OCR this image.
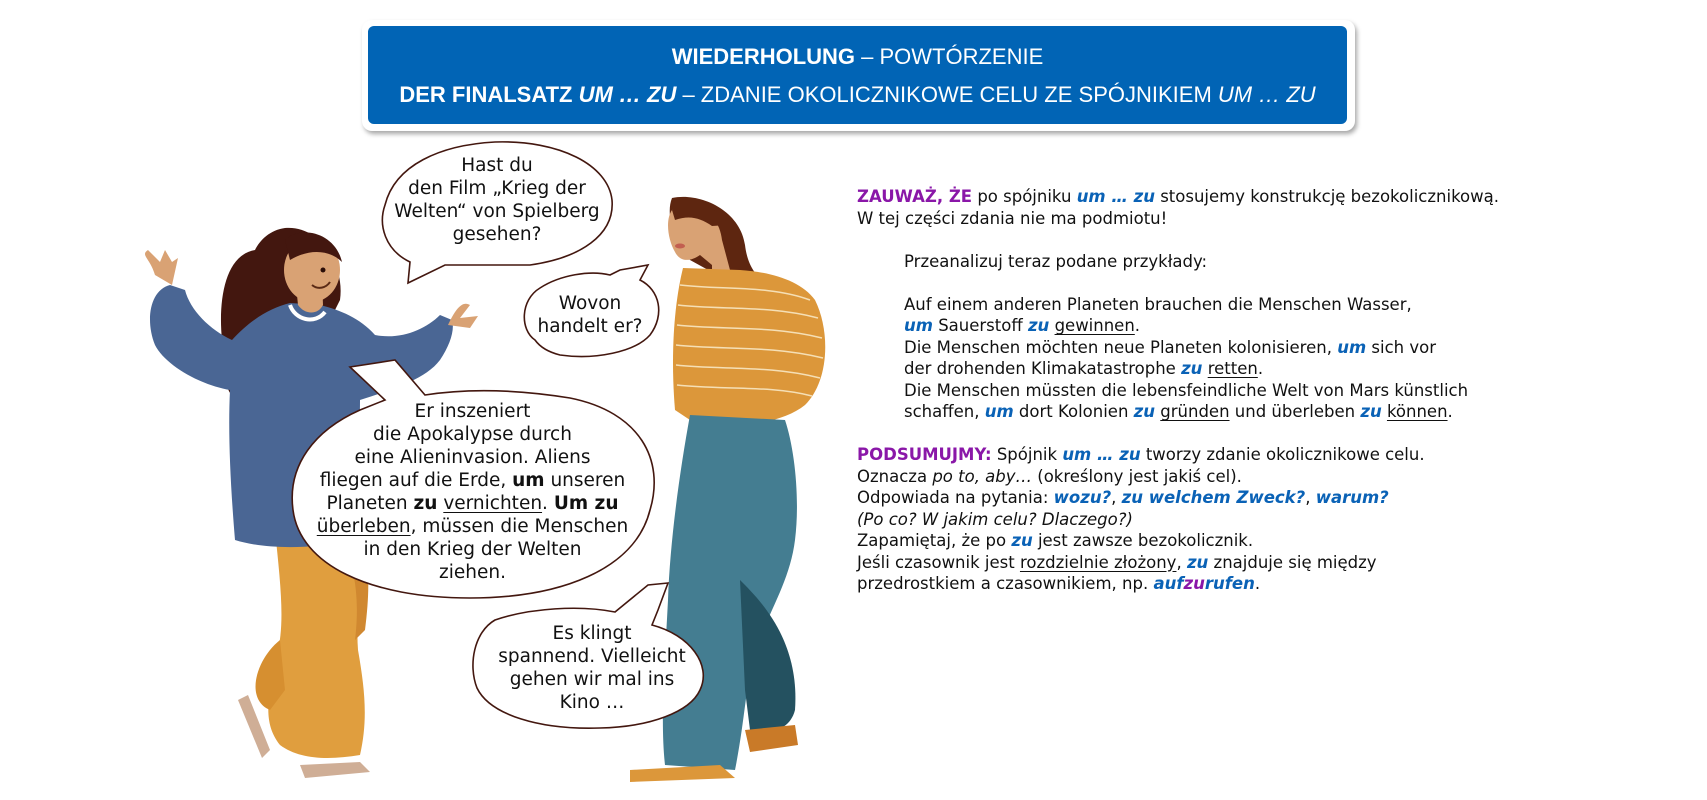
WIEDERHOLUNG – POWTÓRZENIE
DER FINALSATZ UM … ZU – ZDANIE OKOLICZNIKOWE CELU ZE SPÓJNIKIEM UM … ZU
Hast du
den Film „Krieg der
Welten“ von Spielberg
gesehen?
Wovon
handelt er?
Er inszeniert
die Apokalypse durch
eine Alieninvasion. Aliens
fliegen auf die Erde, um unseren
Planeten zu vernichten. Um zu
überleben, müssen die Menschen
in den Krieg der Welten
ziehen.
Es klingt
spannend. Vielleicht
gehen wir mal ins
Kino …

ZAUWAŻ, ŻE po spójniku um … zu stosujemy konstrukcję bezokolicznikową.

W tej części zdania nie ma podmiotu!

Przeanalizuj teraz podane przykłady:

Auf einem anderen Planeten brauchen die Menschen Wasser,

um Sauerstoff zu gewinnen.

Die Menschen möchten neue Planeten kolonisieren, um sich vor

der drohenden Klimakatastrophe zu retten.

Die Menschen müssten die lebensfeindliche Welt von Mars künstlich

schaffen, um dort Kolonien zu gründen und überleben zu können.

PODSUMUJMY: Spójnik um … zu tworzy zdanie okolicznikowe celu.

Oznacza po to, aby… (określony jest jakiś cel).

Odpowiada na pytania: wozu?, zu welchem Zweck?, warum?

(Po co? W jakim celu? Dlaczego?)

Zapamiętaj, że po zu jest zawsze bezokolicznik.

Jeśli czasownik jest rozdzielnie złożony, zu znajduje się między

przedrostkiem a czasownikiem, np. aufzurufen.
